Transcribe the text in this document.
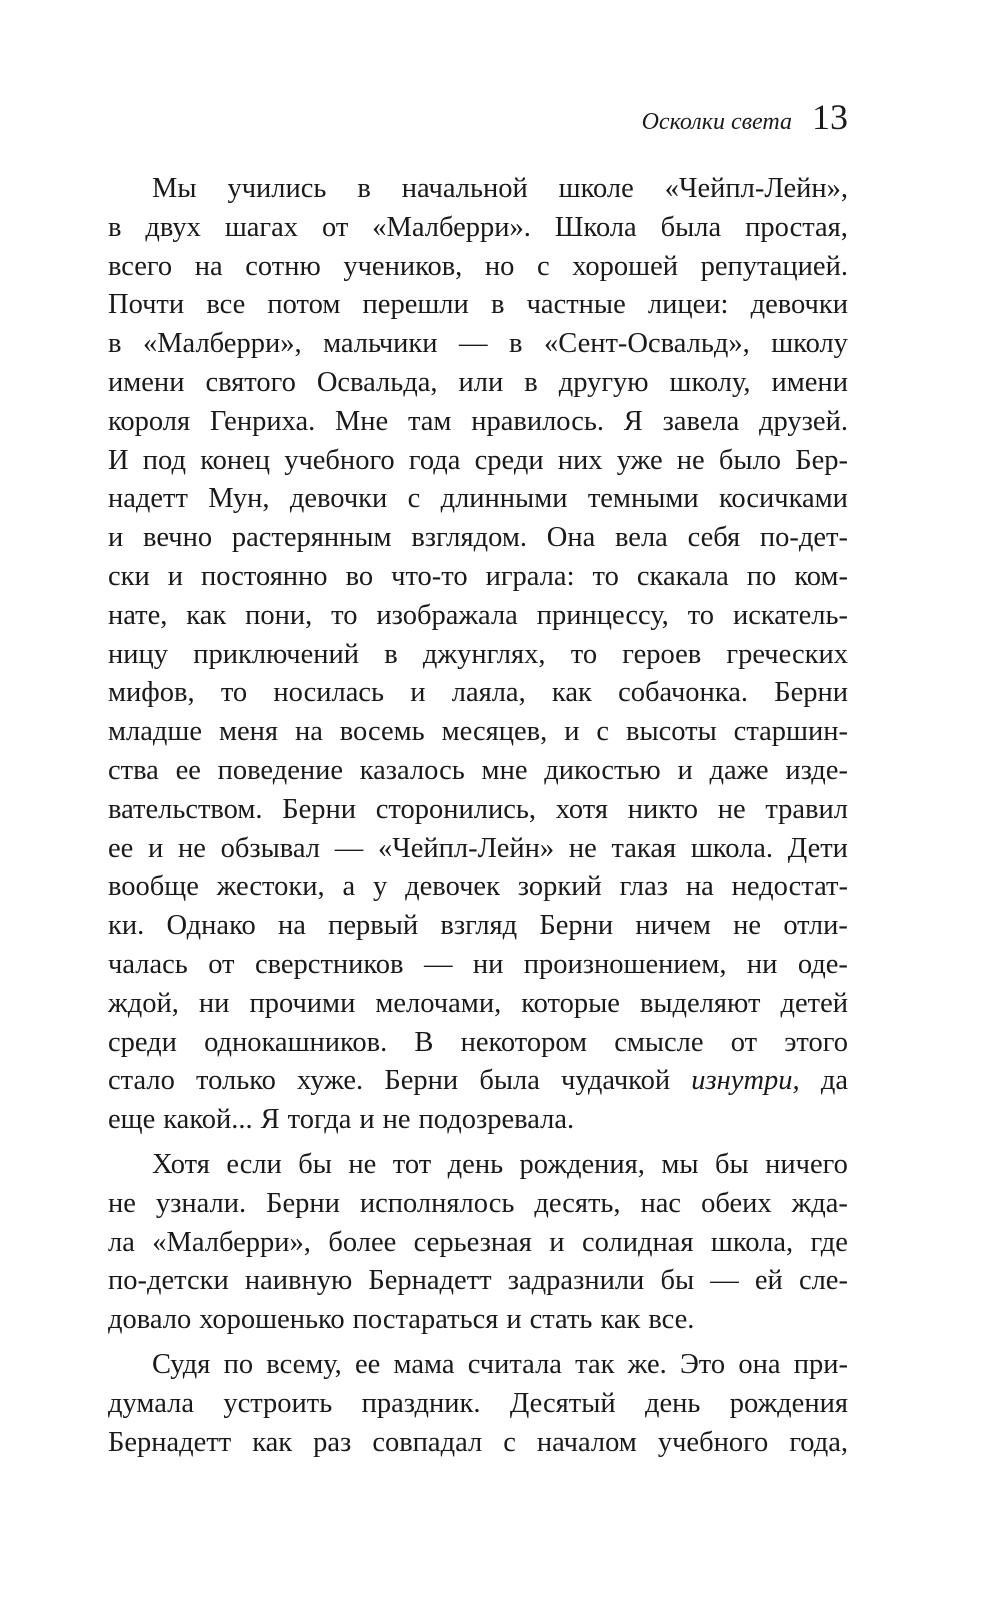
Осколки света 13
Мы учились в начальной школе «Чейпл-Лейн»,
в двух шагах от «Малберри». Школа была простая,
всего на сотню учеников, но с хорошей репутацией.
Почти все потом перешли в частные лицеи: девочки
в «Малберри», мальчики — в «Сент-Освальд», школу
имени святого Освальда, или в другую школу, имени
короля Генриха. Мне там нравилось. Я завела друзей.
И под конец учебного года среди них уже не было Бер-
надетт Мун, девочки с длинными темными косичками
и вечно растерянным взглядом. Она вела себя по-дет-
ски и постоянно во что-то играла: то скакала по ком-
нате, как пони, то изображала принцессу, то искатель-
ницу приключений в джунглях, то героев греческих
мифов, то носилась и лаяла, как собачонка. Берни
младше меня на восемь месяцев, и с высоты старшин-
ства ее поведение казалось мне дикостью и даже изде-
вательством. Берни сторонились, хотя никто не травил
ее и не обзывал — «Чейпл-Лейн» не такая школа. Дети
вообще жестоки, а у девочек зоркий глаз на недостат-
ки. Однако на первый взгляд Берни ничем не отли-
чалась от сверстников — ни произношением, ни оде-
ждой, ни прочими мелочами, которые выделяют детей
среди однокашников. В некотором смысле от этого
стало только хуже. Берни была чудачкой изнутри, да
еще какой... Я тогда и не подозревала.
Хотя если бы не тот день рождения, мы бы ничего
не узнали. Берни исполнялось десять, нас обеих жда-
ла «Малберри», более серьезная и солидная школа, где
по-детски наивную Бернадетт задразнили бы — ей сле-
довало хорошенько постараться и стать как все.
Судя по всему, ее мама считала так же. Это она при-
думала устроить праздник. Десятый день рождения
Бернадетт как раз совпадал с началом учебного года,
